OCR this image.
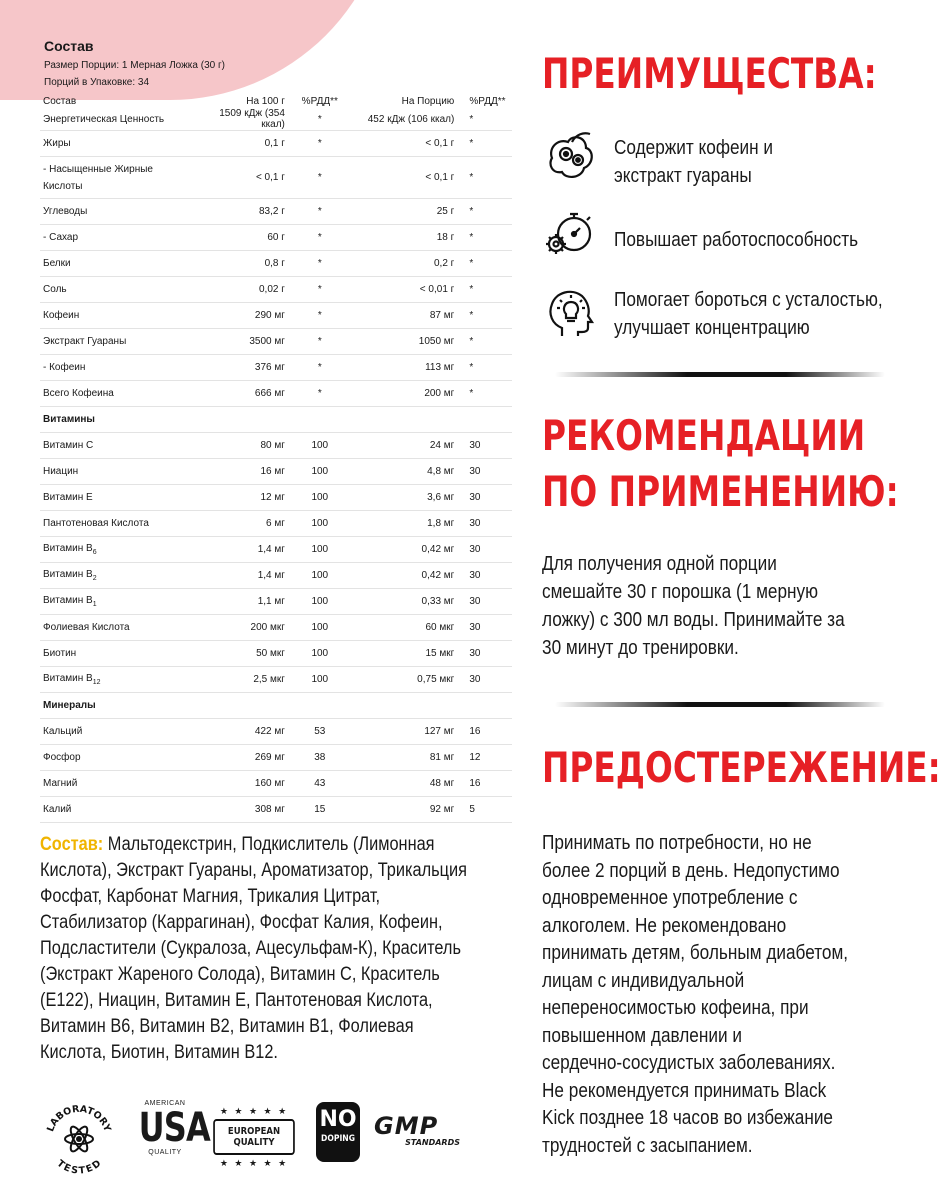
Состав
Размер Порции: 1 Мерная Ложка (30 г)
Порций в Упаковке: 34
Состав	На 100 г	%РДД**	На Порцию	%РДД**
Энергетическая Ценность	1509 кДж (354 ккал)	*	452 кДж (106 ккал)	*
Жиры	0,1 г	*	< 0,1 г	*
- Насыщенные Жирные Кислоты	< 0,1 г	*	< 0,1 г	*
Углеводы	83,2 г	*	25 г	*
- Сахар	60 г	*	18 г	*
Белки	0,8 г	*	0,2 г	*
Соль	0,02 г	*	< 0,01 г	*
Кофеин	290 мг	*	87 мг	*
Экстракт Гуараны	3500 мг	*	1050 мг	*
- Кофеин	376 мг	*	113 мг	*
Всего Кофеина	666 мг	*	200 мг	*
Витамины				
Витамин С	80 мг	100	24 мг	30
Ниацин	16 мг	100	4,8 мг	30
Витамин Е	12 мг	100	3,6 мг	30
Пантотеновая Кислота	6 мг	100	1,8 мг	30
Витамин $В_6$	1,4 мг	100	0,42 мг	30
Витамин $В_2$	1,4 мг	100	0,42 мг	30
Витамин $В_1$	1,1 мг	100	0,33 мг	30
Фолиевая Кислота	200 мкг	100	60 мкг	30
Биотин	50 мкг	100	15 мкг	30
Витамин $В_{12}$	2,5 мкг	100	0,75 мкг	30
Минералы				
Кальций	422 мг	53	127 мг	16
Фосфор	269 мг	38	81 мг	12
Магний	160 мг	43	48 мг	16
Калий	308 мг	15	92 мг	5
Состав: Мальтодекстрин, Подкислитель (Лимонная Кислота), Экстракт Гуараны, Ароматизатор, Трикальция Фосфат, Карбонат Магния, Трикалия Цитрат, Стабилизатор (Каррагинан), Фосфат Калия, Кофеин, Подсластители (Сукралоза, Ацесульфам-К), Краситель (Экстракт Жареного Солода), Витамин С, Краситель (Е122), Ниацин, Витамин Е, Пантотеновая Кислота, Витамин В6, Витамин В2, Витамин В1, Фолиевая Кислота, Биотин, Витамин В12.
LABORATORY
TESTED
AMERICAN
USA
QUALITY
★ ★ ★ ★ ★
EUROPEAN QUALITY
★ ★ ★ ★ ★
NO
DOPING GMP
STANDARDS
ПРЕИМУЩЕСТВА:
Содержит кофеин и
экстракт гуараны
Повышает работоспособность
Помогает бороться с усталостью,
улучшает концентрацию
РЕКОМЕНДАЦИИ
ПО ПРИМЕНЕНИЮ:
Для получения одной порции
смешайте 30 г порошка (1 мерную
ложку) с 300 мл воды. Принимайте за
30 минут до тренировки.
ПРЕДОСТЕРЕЖЕНИЕ:
Принимать по потребности, но не
более 2 порций в день. Недопустимо
одновременное употребление с
алкоголем. Не рекомендовано
принимать детям, больным диабетом,
лицам с индивидуальной
непереносимостью кофеина, при
повышенном давлении и
сердечно-сосудистых заболеваниях.
Не рекомендуется принимать Black
Kick позднее 18 часов во избежание
трудностей с засыпанием.
